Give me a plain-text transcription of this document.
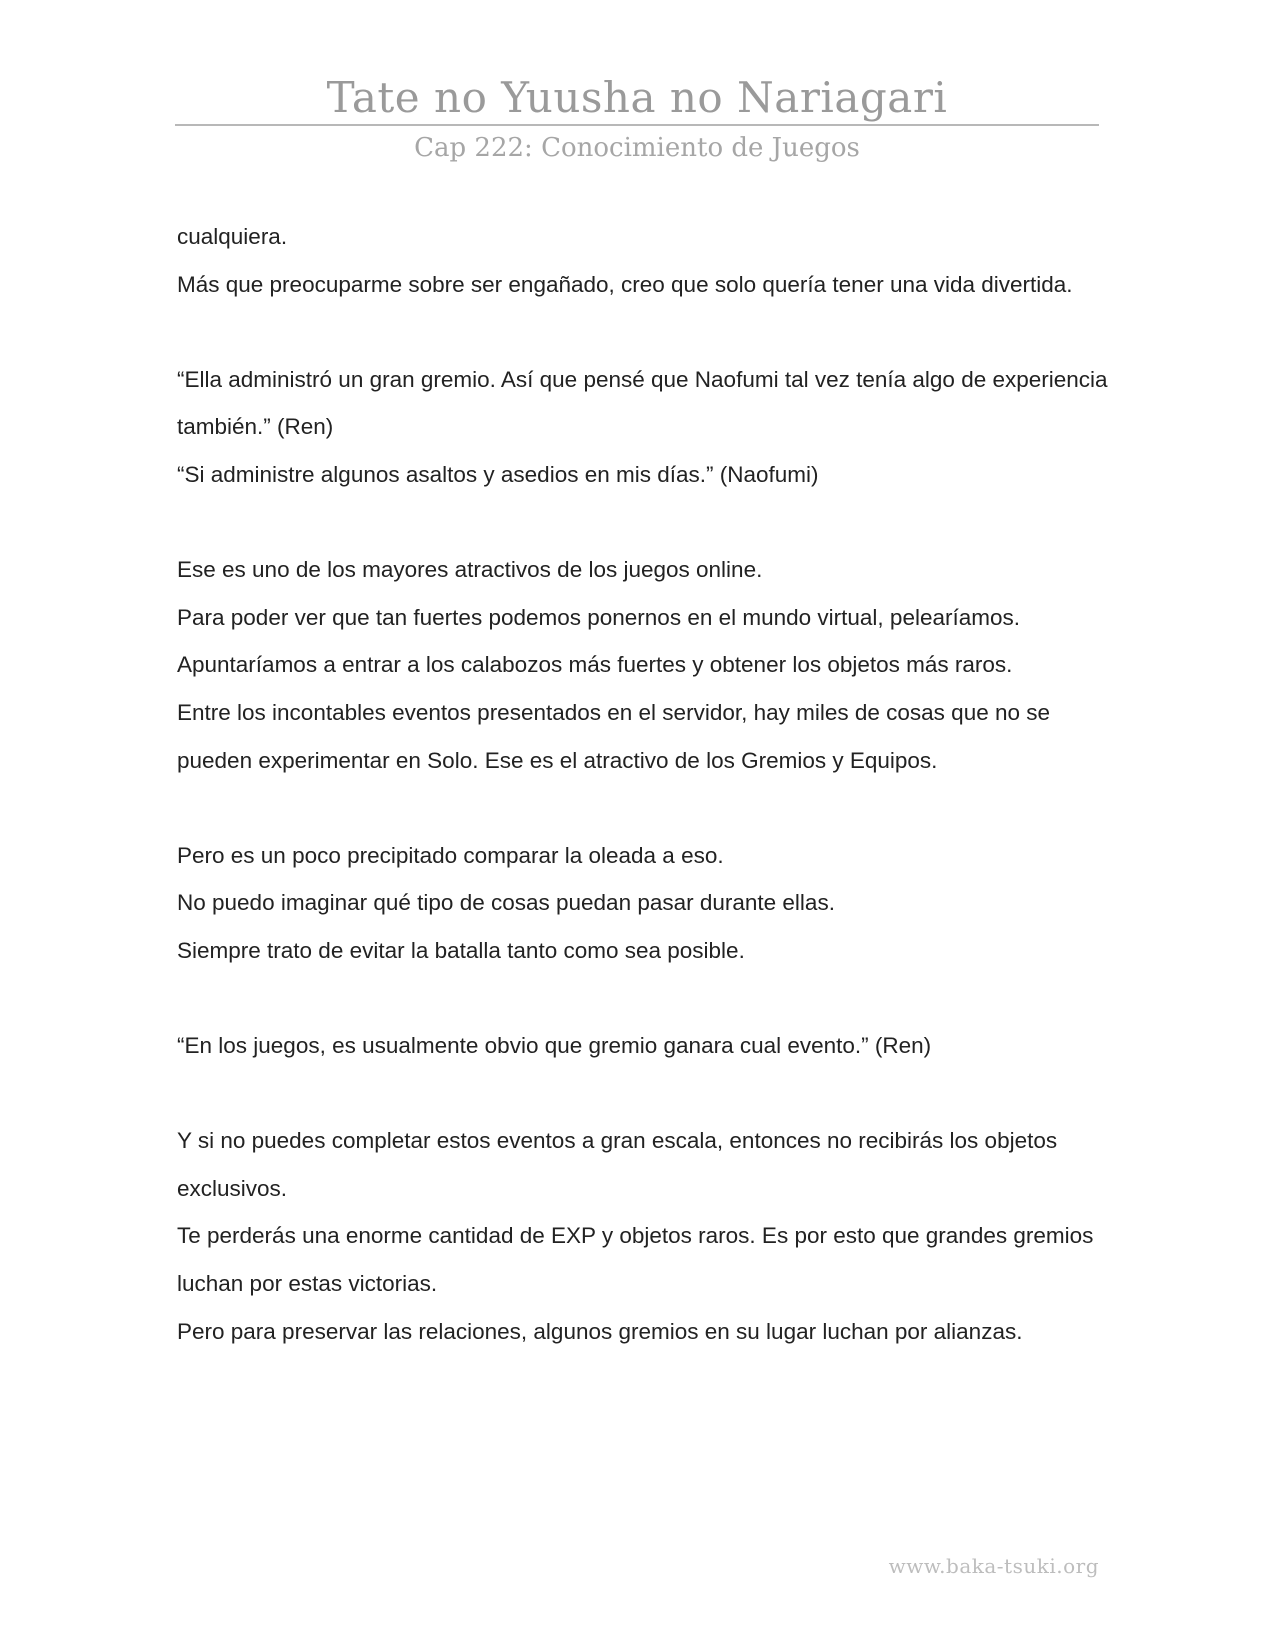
Tate no Yuusha no Nariagari
Cap 222: Conocimiento de Juegos

cualquiera.

Más que preocuparme sobre ser engañado, creo que solo quería tener una vida divertida.

“Ella administró un gran gremio. Así que pensé que Naofumi tal vez tenía algo de experiencia también.” (Ren)

“Si administre algunos asaltos y asedios en mis días.” (Naofumi)

Ese es uno de los mayores atractivos de los juegos online.

Para poder ver que tan fuertes podemos ponernos en el mundo virtual, pelearíamos. Apuntaríamos a entrar a los calabozos más fuertes y obtener los objetos más raros.

Entre los incontables eventos presentados en el servidor, hay miles de cosas que no se pueden experimentar en Solo. Ese es el atractivo de los Gremios y Equipos.

Pero es un poco precipitado comparar la oleada a eso.

No puedo imaginar qué tipo de cosas puedan pasar durante ellas.

Siempre trato de evitar la batalla tanto como sea posible.

“En los juegos, es usualmente obvio que gremio ganara cual evento.” (Ren)

Y si no puedes completar estos eventos a gran escala, entonces no recibirás los objetos exclusivos.

Te perderás una enorme cantidad de EXP y objetos raros. Es por esto que grandes gremios luchan por estas victorias.

Pero para preservar las relaciones, algunos gremios en su lugar luchan por alianzas.

www.baka-tsuki.org
